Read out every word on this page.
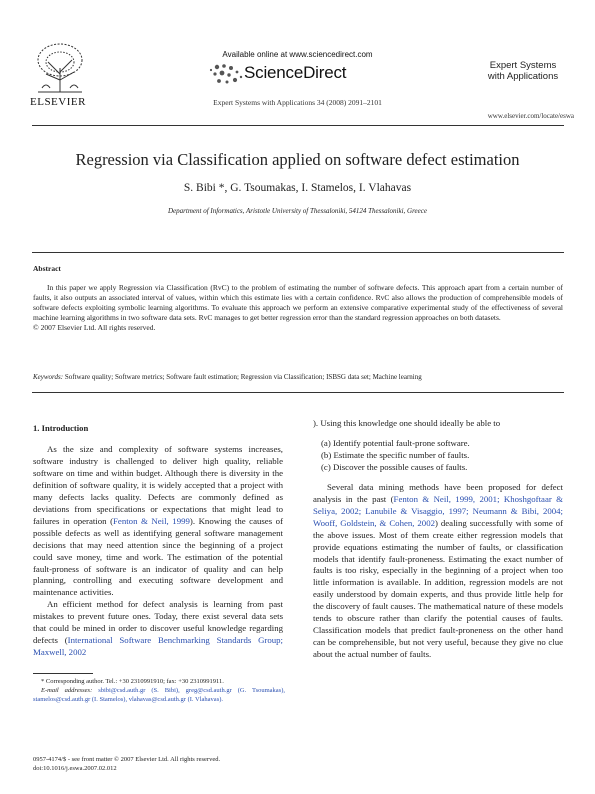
ELSEVIER
Available online at www.sciencedirect.com
ScienceDirect
Expert Systems with Applications 34 (2008) 2091–2101
Expert Systems with Applications
www.elsevier.com/locate/eswa
Regression via Classification applied on software defect estimation
S. Bibi *, G. Tsoumakas, I. Stamelos, I. Vlahavas
Department of Informatics, Aristotle University of Thessaloniki, 54124 Thessaloniki, Greece
Abstract

In this paper we apply Regression via Classification (RvC) to the problem of estimating the number of software defects. This approach apart from a certain number of faults, it also outputs an associated interval of values, within which this estimate lies with a certain confidence. RvC also allows the production of comprehensible models of software defects exploiting symbolic learning algorithms. To evaluate this approach we perform an extensive comparative experimental study of the effectiveness of several machine learning algorithms in two software data sets. RvC manages to get better regression error than the standard regression approaches on both datasets.

© 2007 Elsevier Ltd. All rights reserved.
Keywords: Software quality; Software metrics; Software fault estimation; Regression via Classification; ISBSG data set; Machine learning
1. Introduction

As the size and complexity of software systems increases, software industry is challenged to deliver high quality, reliable software on time and within budget. Although there is diversity in the definition of software quality, it is widely accepted that a project with many defects lacks quality. Defects are commonly defined as deviations from specifications or expectations that might lead to failures in operation (Fenton & Neil, 1999). Knowing the causes of possible defects as well as identifying general software management decisions that may need attention since the beginning of a project could save money, time and work. The estimation of the potential fault-proness of software is an indicator of quality and can help planning, controlling and executing software development and maintenance activities.

An efficient method for defect analysis is learning from past mistakes to prevent future ones. Today, there exist several data sets that could be mined in order to discover useful knowledge regarding defects (International Software Benchmarking Standards Group; Maxwell, 2002

). Using this knowledge one should ideally be able to

(a) Identify potential fault-prone software.
(b) Estimate the specific number of faults.
(c) Discover the possible causes of faults.

Several data mining methods have been proposed for defect analysis in the past (Fenton & Neil, 1999, 2001; Khoshgoftaar & Seliya, 2002; Lanubile & Visaggio, 1997; Neumann & Bibi, 2004; Wooff, Goldstein, & Cohen, 2002) dealing successfully with some of the above issues. Most of them create either regression models that provide equations estimating the number of faults, or classification models that identify fault-proneness. Estimating the exact number of faults is too risky, especially in the beginning of a project when too little information is available. In addition, regression models are not easily understood by domain experts, and thus provide little help for the discovery of fault causes. The mathematical nature of these models tends to obscure rather than clarify the potential causes of faults. Classification models that predict fault-proneness on the other hand can be comprehensible, but not very useful, because they give no clue about the actual number of faults.

* Corresponding author. Tel.: +30 2310991910; fax: +30 2310991911.
E-mail addresses: sbibi@csd.auth.gr (S. Bibi), greg@csd.auth.gr (G. Tsoumakas), stamelos@csd.auth.gr (I. Stamelos), vlahavas@csd.auth.gr (I. Vlahavas).
0957-4174/$ - see front matter © 2007 Elsevier Ltd. All rights reserved.
doi:10.1016/j.eswa.2007.02.012
